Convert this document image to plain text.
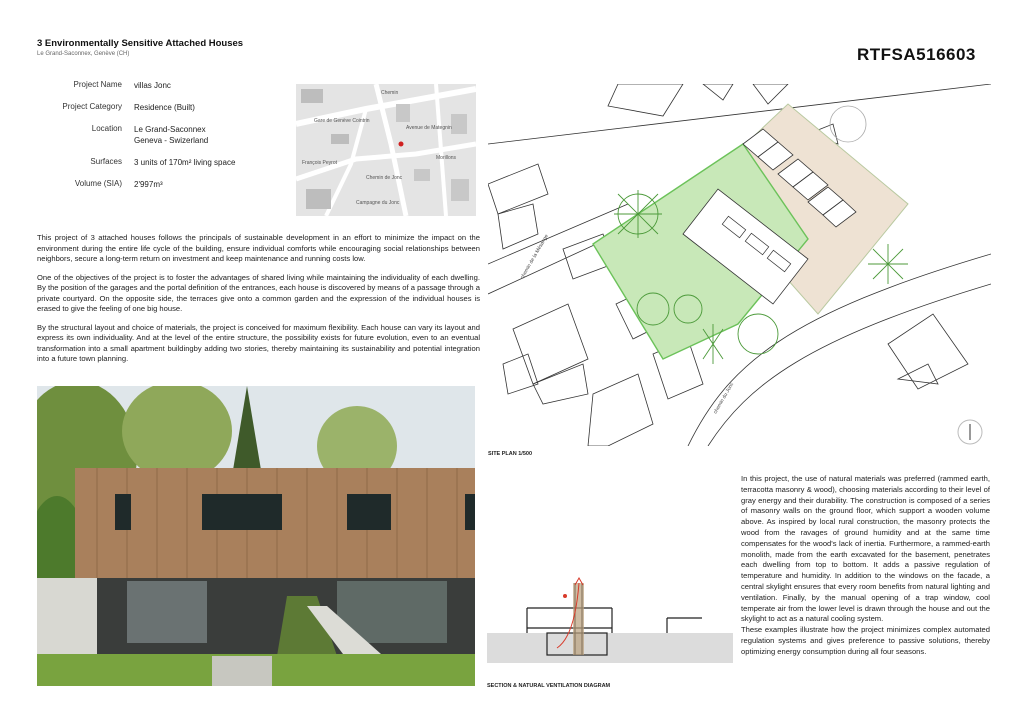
3 Environmentally Sensitive Attached Houses
Le Grand-Saconnex, Genève (CH)	RTFSA516603
Project Name	villas Jonc
Project Category	Residence (Built)
Location	Le Grand-Saconnex
Geneva - Swizerland
Surfaces	3 units of 170m² living space
Volume (SIA)	2'997m³
Gare de Genève Cointrin
François Peyrot
Chemin de Jonc
Campagne du Jonc
Avenue de Mategnin
Morillons
Chemin

This project of 3 attached houses follows the principals of sustainable development in an effort to minimize the impact on the environment during the entire life cycle of the building, ensure individual comforts while encouraging social relationships between neighbors, secure a long-term return on investment and keep maintenance and running costs low.

One of the objectives of the project is to foster the advantages of shared living while maintaining the individuality of each dwelling. By the position of the garages and the portal definition of the entrances, each house is discovered by means of a passage through a private courtyard. On the opposite side, the terraces give onto a common garden and the expression of the individual houses is erased to give the feeling of one big house.

By the structural layout and choice of materials, the project is conceived for maximum flexibility. Each house can vary its layout and express its own individuality. And at the level of the entire structure, the possibility exists for future evolution, even to an eventual transformation into a small apartment buildingby adding two stories, thereby maintaining its sustainability and potential integration into a future town planning.

chemin de la Mésange
chemin du Jonc
SITE PLAN 1/500
SECTION & NATURAL VENTILATION DIAGRAM
In this project, the use of natural materials was preferred (rammed earth, terracotta masonry & wood), choosing materials according to their level of gray energy and their durability. The construction is composed of a series of masonry walls on the ground floor, which support a wooden volume above. As inspired by local rural construction, the masonry protects the wood from the ravages of ground humidity and at the same time compensates for the wood's lack of inertia. Furthermore, a rammed-earth monolith, made from the earth excavated for the basement, penetrates each dwelling from top to bottom. It adds a passive regulation of temperature and humidity. In addition to the windows on the facade, a central skylight ensures that every room benefits from natural lighting and ventilation. Finally, by the manual opening of a trap window, cool temperate air from the lower level is drawn through the house and out the skylight to act as a natural cooling system.
These examples illustrate how the project minimizes complex automated regulation systems and gives preference to passive solutions, thereby optimizing energy consumption during all four seasons.
